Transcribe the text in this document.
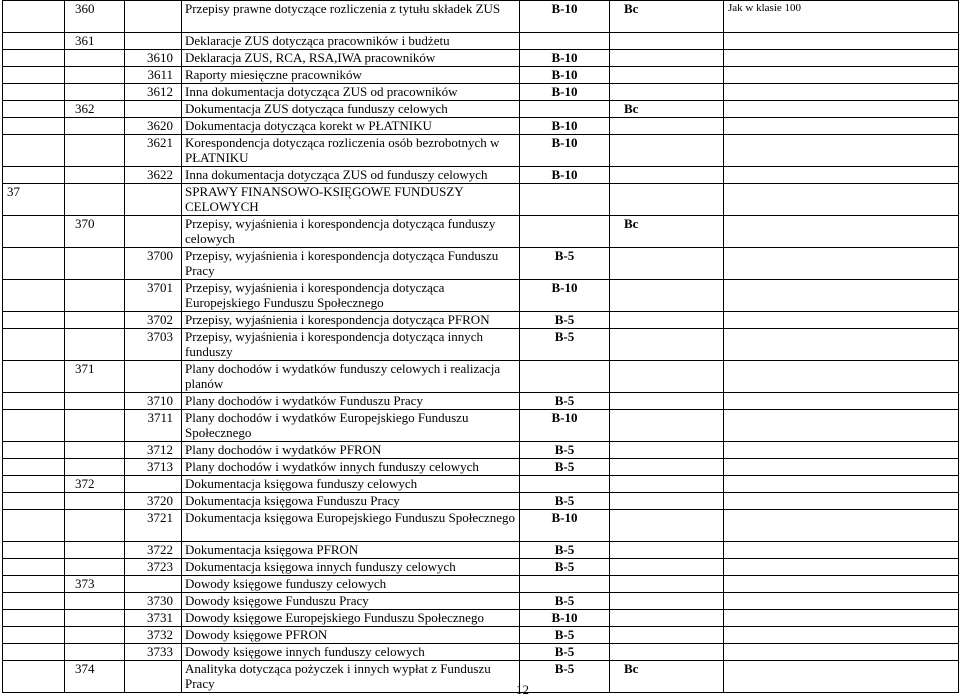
	360		Przepisy prawne dotyczące rozliczenia z tytułu składek ZUS	B-10	Bc	Jak w klasie 100
	361		Deklaracje ZUS dotycząca pracowników i budżetu			
		3610	Deklaracja ZUS, RCA, RSA,IWA pracowników	B-10		
		3611	Raporty miesięczne pracowników	B-10		
		3612	Inna dokumentacja dotycząca ZUS od pracowników	B-10		
	362		Dokumentacja ZUS dotycząca funduszy celowych		Bc	
		3620	Dokumentacja dotycząca korekt w PŁATNIKU	B-10		
		3621	Korespondencja dotycząca rozliczenia osób bezrobotnych w PŁATNIKU	B-10		
		3622	Inna dokumentacja dotycząca ZUS od funduszy celowych	B-10		
37			SPRAWY FINANSOWO-KSIĘGOWE FUNDUSZY CELOWYCH			
	370		Przepisy, wyjaśnienia i korespondencja dotycząca funduszy celowych		Bc	
		3700	Przepisy, wyjaśnienia i korespondencja dotycząca Funduszu Pracy	B-5		
		3701	Przepisy, wyjaśnienia i korespondencja dotycząca Europejskiego Funduszu Społecznego	B-10		
		3702	Przepisy, wyjaśnienia i korespondencja dotycząca PFRON	B-5		
		3703	Przepisy, wyjaśnienia i korespondencja dotycząca innych funduszy	B-5		
	371		Plany dochodów i wydatków funduszy celowych i realizacja planów			
		3710	Plany dochodów i wydatków Funduszu Pracy	B-5		
		3711	Plany dochodów i wydatków Europejskiego Funduszu Społecznego	B-10		
		3712	Plany dochodów i wydatków PFRON	B-5		
		3713	Plany dochodów i wydatków innych funduszy celowych	B-5		
	372		Dokumentacja księgowa funduszy celowych			
		3720	Dokumentacja księgowa Funduszu Pracy	B-5		
		3721	Dokumentacja księgowa Europejskiego Funduszu Społecznego	B-10		
		3722	Dokumentacja księgowa PFRON	B-5		
		3723	Dokumentacja księgowa innych funduszy celowych	B-5		
	373		Dowody księgowe funduszy celowych			
		3730	Dowody księgowe Funduszu Pracy	B-5		
		3731	Dowody księgowe Europejskiego Funduszu Społecznego	B-10		
		3732	Dowody księgowe PFRON	B-5		
		3733	Dowody księgowe innych funduszy celowych	B-5		
	374		Analityka dotycząca pożyczek i innych wypłat z Funduszu Pracy	B-5	Bc	
12
